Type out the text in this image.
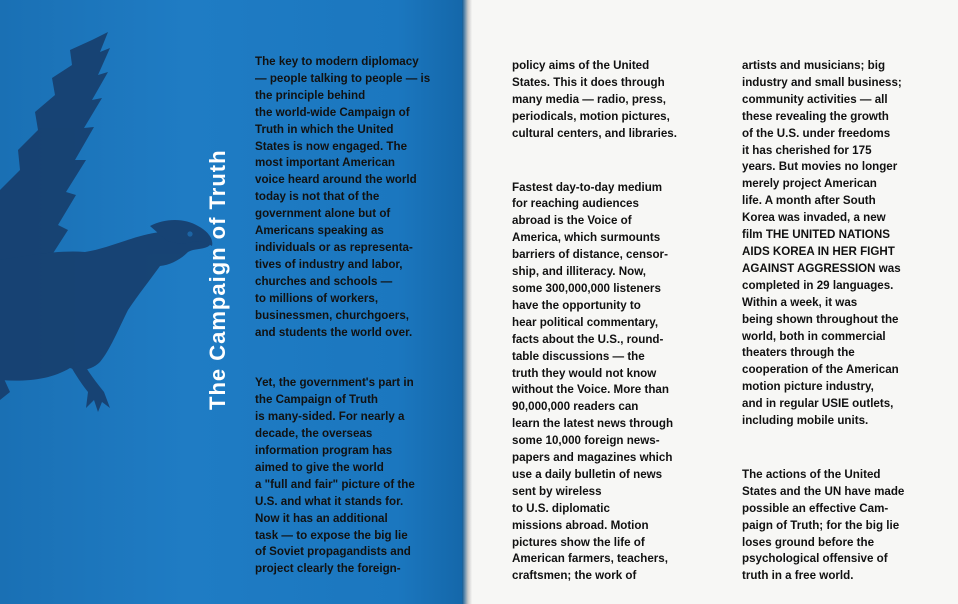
The Campaign of Truth

The key to modern diplomacy
— people talking to people — is
the principle behind
the world-wide Campaign of
Truth in which the United
States is now engaged. The
most important American
voice heard around the world
today is not that of the
government alone but of
Americans speaking as
individuals or as representa-
tives of industry and labor,
churches and schools —
to millions of workers,
businessmen, churchgoers,
and students the world over.

Yet, the government's part in
the Campaign of Truth
is many-sided. For nearly a
decade, the overseas
information program has
aimed to give the world
a "full and fair" picture of the
U.S. and what it stands for.
Now it has an additional
task — to expose the big lie
of Soviet propagandists and
project clearly the foreign-

policy aims of the United
States. This it does through
many media — radio, press,
periodicals, motion pictures,
cultural centers, and libraries.

Fastest day-to-day medium
for reaching audiences
abroad is the Voice of
America, which surmounts
barriers of distance, censor-
ship, and illiteracy. Now,
some 300,000,000 listeners
have the opportunity to
hear political commentary,
facts about the U.S., round-
table discussions — the
truth they would not know
without the Voice. More than
90,000,000 readers can
learn the latest news through
some 10,000 foreign news-
papers and magazines which
use a daily bulletin of news
sent by wireless
to U.S. diplomatic
missions abroad. Motion
pictures show the life of
American farmers, teachers,
craftsmen; the work of

artists and musicians; big
industry and small business;
community activities — all
these revealing the growth
of the U.S. under freedoms
it has cherished for 175
years. But movies no longer
merely project American
life. A month after South
Korea was invaded, a new
film THE UNITED NATIONS
AIDS KOREA IN HER FIGHT
AGAINST AGGRESSION was
completed in 29 languages.
Within a week, it was
being shown throughout the
world, both in commercial
theaters through the
cooperation of the American
motion picture industry,
and in regular USIE outlets,
including mobile units.

The actions of the United
States and the UN have made
possible an effective Cam-
paign of Truth; for the big lie
loses ground before the
psychological offensive of
truth in a free world.
